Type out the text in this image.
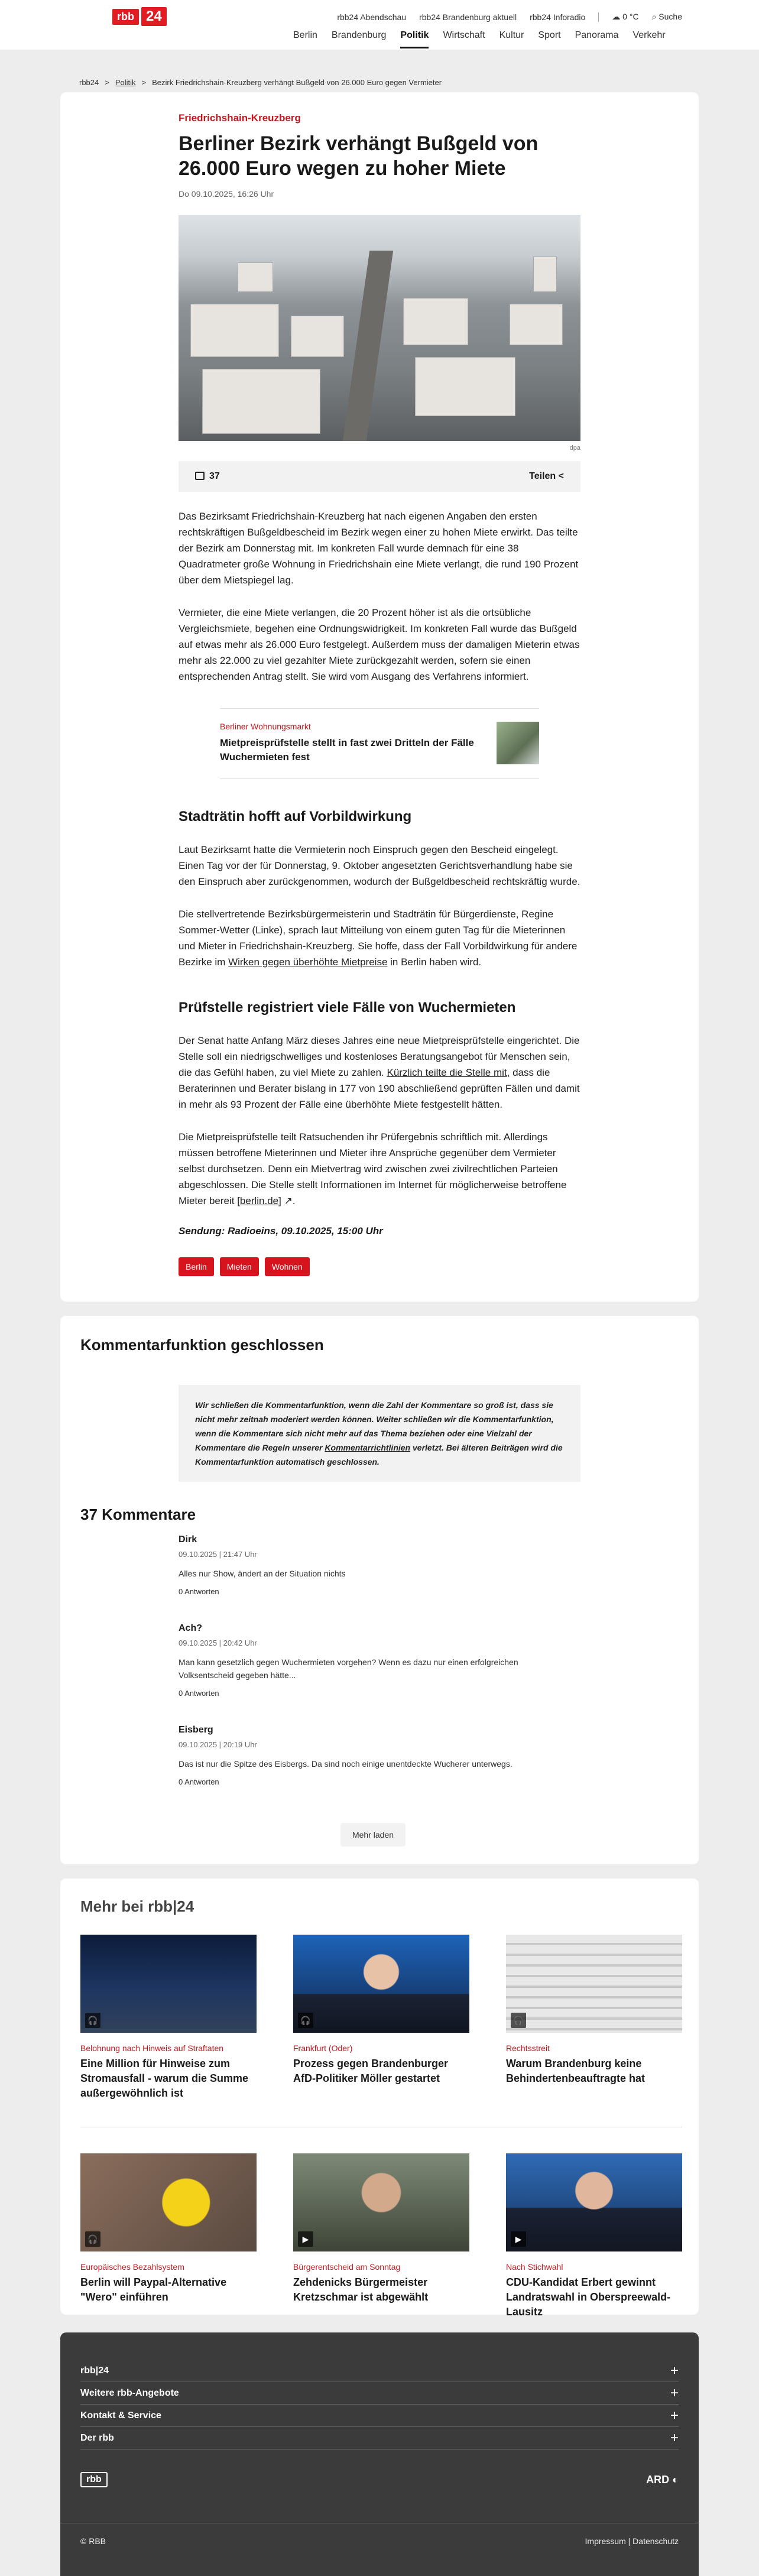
rbb 24	rbb24 Abendschau rbb24 Brandenburg aktuell rbb24 Inforadio	☁ 0 °C ⌕ Suche
Berlin	Brandenburg	Politik	Wirtschaft	Kultur	Sport	Panorama	Verkehr
rbb24 > Politik > Bezirk Friedrichshain-Kreuzberg verhängt Bußgeld von 26.000 Euro gegen Vermieter
Friedrichshain-Kreuzberg
Berliner Bezirk verhängt Bußgeld von 26.000 Euro wegen zu hoher Miete
Do 09.10.2025, 16:26 Uhr
dpa
37	Teilen <

Das Bezirksamt Friedrichshain-Kreuzberg hat nach eigenen Angaben den ersten rechtskräftigen Bußgeldbescheid im Bezirk wegen einer zu hohen Miete erwirkt. Das teilte der Bezirk am Donnerstag mit. Im konkreten Fall wurde demnach für eine 38 Quadratmeter große Wohnung in Friedrichshain eine Miete verlangt, die rund 190 Prozent über dem Mietspiegel lag.

Vermieter, die eine Miete verlangen, die 20 Prozent höher ist als die ortsübliche Vergleichsmiete, begehen eine Ordnungswidrigkeit. Im konkreten Fall wurde das Bußgeld auf etwas mehr als 26.000 Euro festgelegt. Außerdem muss der damaligen Mieterin etwas mehr als 22.000 zu viel gezahlter Miete zurückgezahlt werden, sofern sie einen entsprechenden Antrag stellt. Sie wird vom Ausgang des Verfahrens informiert.

Berliner Wohnungsmarkt
Mietpreisprüfstelle stellt in fast zwei Dritteln der Fälle Wuchermieten fest
Stadträtin hofft auf Vorbildwirkung

Laut Bezirksamt hatte die Vermieterin noch Einspruch gegen den Bescheid eingelegt. Einen Tag vor der für Donnerstag, 9. Oktober angesetzten Gerichtsverhandlung habe sie den Einspruch aber zurückgenommen, wodurch der Bußgeldbescheid rechtskräftig wurde.

Die stellvertretende Bezirksbürgermeisterin und Stadträtin für Bürgerdienste, Regine Sommer-Wetter (Linke), sprach laut Mitteilung von einem guten Tag für die Mieterinnen und Mieter in Friedrichshain-Kreuzberg. Sie hoffe, dass der Fall Vorbildwirkung für andere Bezirke im Wirken gegen überhöhte Mietpreise in Berlin haben wird.

Prüfstelle registriert viele Fälle von Wuchermieten

Der Senat hatte Anfang März dieses Jahres eine neue Mietpreisprüfstelle eingerichtet. Die Stelle soll ein niedrigschwelliges und kostenloses Beratungsangebot für Menschen sein, die das Gefühl haben, zu viel Miete zu zahlen. Kürzlich teilte die Stelle mit, dass die Beraterinnen und Berater bislang in 177 von 190 abschließend geprüften Fällen und damit in mehr als 93 Prozent der Fälle eine überhöhte Miete festgestellt hätten.

Die Mietpreisprüfstelle teilt Ratsuchenden ihr Prüfergebnis schriftlich mit. Allerdings müssen betroffene Mieterinnen und Mieter ihre Ansprüche gegenüber dem Vermieter selbst durchsetzen. Denn ein Mietvertrag wird zwischen zwei zivilrechtlichen Parteien abgeschlossen. Die Stelle stellt Informationen im Internet für möglicherweise betroffene Mieter bereit [berlin.de] ↗.

Sendung: Radioeins, 09.10.2025, 15:00 Uhr
Berlin	Mieten	Wohnen
Kommentarfunktion geschlossen
Wir schließen die Kommentarfunktion, wenn die Zahl der Kommentare so groß ist, dass sie nicht mehr zeitnah moderiert werden können. Weiter schließen wir die Kommentarfunktion, wenn die Kommentare sich nicht mehr auf das Thema beziehen oder eine Vielzahl der Kommentare die Regeln unserer Kommentarrichtlinien verletzt. Bei älteren Beiträgen wird die Kommentarfunktion automatisch geschlossen.
37 Kommentare
Dirk
09.10.2025 | 21:47 Uhr
Alles nur Show, ändert an der Situation nichts
0 Antworten
Ach?
09.10.2025 | 20:42 Uhr
Man kann gesetzlich gegen Wuchermieten vorgehen? Wenn es dazu nur einen erfolgreichen Volksentscheid gegeben hätte...
0 Antworten
Eisberg
09.10.2025 | 20:19 Uhr
Das ist nur die Spitze des Eisbergs. Da sind noch einige unentdeckte Wucherer unterwegs.
0 Antworten
Mehr laden
Mehr bei rbb|24
🎧
Belohnung nach Hinweis auf Straftaten
Eine Million für Hinweise zum Stromausfall - warum die Summe außergewöhnlich ist
🎧
Frankfurt (Oder)
Prozess gegen Brandenburger AfD-Politiker Möller gestartet
🎧
Rechtsstreit
Warum Brandenburg keine Behindertenbeauftragte hat
🎧
Europäisches Bezahlsystem
Berlin will Paypal-Alternative "Wero" einführen
▶
Bürgerentscheid am Sonntag
Zehdenicks Bürgermeister Kretzschmar ist abgewählt
▶
Nach Stichwahl
CDU-Kandidat Erbert gewinnt Landratswahl in Oberspreewald-Lausitz
rbb|24	+
Weitere rbb-Angebote	+
Kontakt & Service	+
Der rbb	+
rbb	ARD ◐
© RBB	Impressum | Datenschutz
